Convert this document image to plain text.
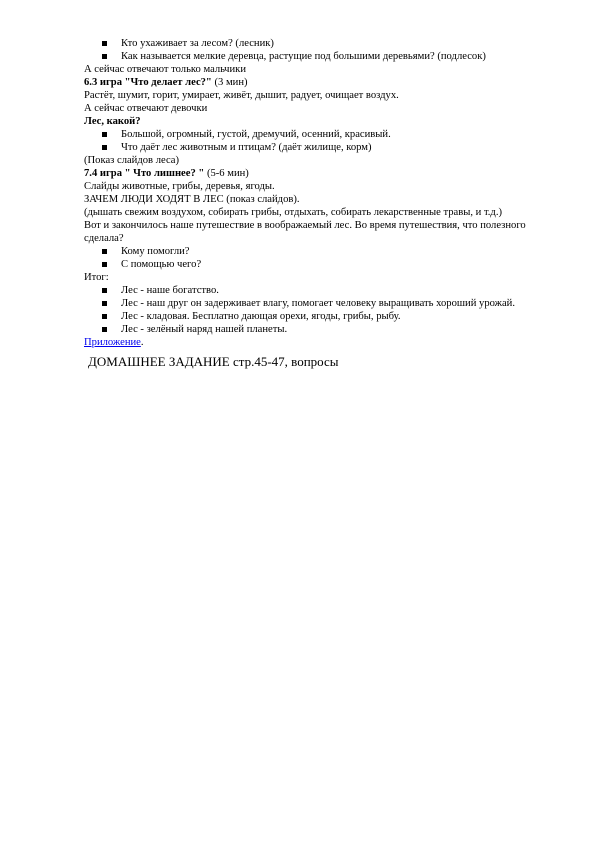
Кто ухаживает за лесом? (лесник)
Как называется мелкие деревца, растущие под большими деревьями? (подлесок)
А сейчас отвечают только мальчики
6.3 игра "Что делает лес?" (3 мин)
Растёт, шумит, горит, умирает, живёт, дышит, радует, очищает воздух.
А сейчас отвечают девочки
Лес, какой?
Большой, огромный, густой, дремучий, осенний, красивый.
Что даёт лес животным и птицам? (даёт жилище, корм)
(Показ слайдов леса)
7.4 игра " Что лишнее? " (5-6 мин)
Слайды животные, грибы, деревья, ягоды.
ЗАЧЕМ ЛЮДИ ХОДЯТ В ЛЕС (показ слайдов).
(дышать свежим воздухом, собирать грибы, отдыхать, собирать лекарственные травы, и т.д.)
Вот и закончилось наше путешествие в воображаемый лес. Во время путешествия, что полезного сделала?
Кому помогли?
С помощью чего?
Итог:
Лес - наше богатство.
Лес - наш друг он задерживает влагу, помогает человеку выращивать хороший урожай.
Лес - кладовая. Бесплатно дающая орехи, ягоды, грибы, рыбу.
Лес - зелёный наряд нашей планеты.
Приложение.
ДОМАШНЕЕ ЗАДАНИЕ стр.45-47, вопросы
